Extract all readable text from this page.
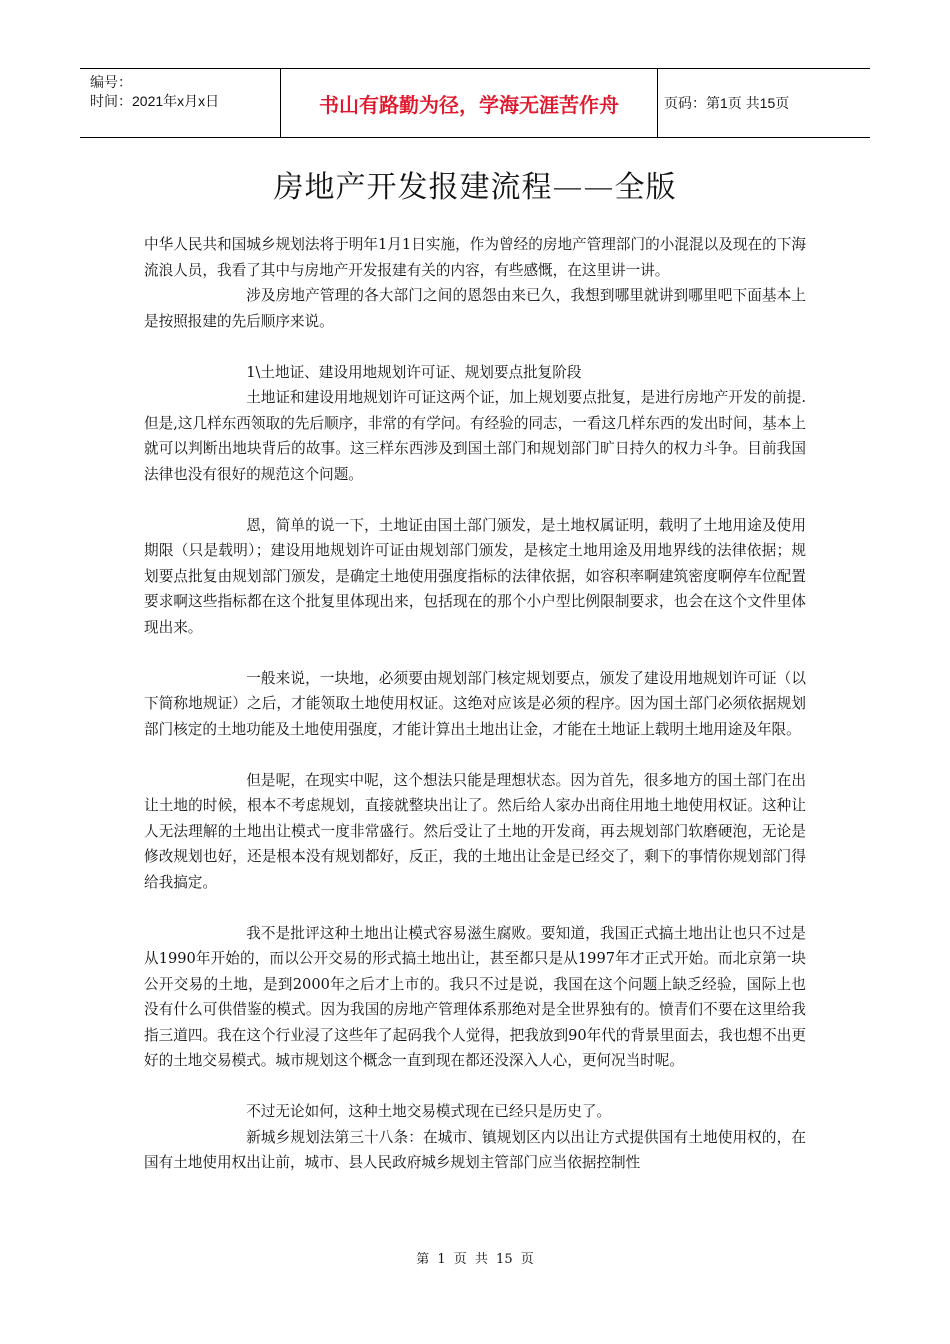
编号：
时间：2021年x月x日	书山有路勤为径，学海无涯苦作舟	页码：第1页 共15页
房地产开发报建流程——全版

中华人民共和国城乡规划法将于明年1月1日实施，作为曾经的房地产管理部门的小混混以及现在的下海流浪人员，我看了其中与房地产开发报建有关的内容，有些感慨，在这里讲一讲。

涉及房地产管理的各大部门之间的恩怨由来已久，我想到哪里就讲到哪里吧下面基本上是按照报建的先后顺序来说。

1\土地证、建设用地规划许可证、规划要点批复阶段

土地证和建设用地规划许可证这两个证，加上规划要点批复，是进行房地产开发的前提.但是,这几样东西领取的先后顺序，非常的有学问。有经验的同志，一看这几样东西的发出时间，基本上就可以判断出地块背后的故事。这三样东西涉及到国土部门和规划部门旷日持久的权力斗争。目前我国法律也没有很好的规范这个问题。

恩，简单的说一下，土地证由国土部门颁发，是土地权属证明，载明了土地用途及使用期限（只是载明）；建设用地规划许可证由规划部门颁发，是核定土地用途及用地界线的法律依据；规划要点批复由规划部门颁发，是确定土地使用强度指标的法律依据，如容积率啊建筑密度啊停车位配置要求啊这些指标都在这个批复里体现出来，包括现在的那个小户型比例限制要求，也会在这个文件里体现出来。

一般来说，一块地，必须要由规划部门核定规划要点，颁发了建设用地规划许可证（以下简称地规证）之后，才能领取土地使用权证。这绝对应该是必须的程序。因为国土部门必须依据规划部门核定的土地功能及土地使用强度，才能计算出土地出让金，才能在土地证上载明土地用途及年限。

但是呢，在现实中呢，这个想法只能是理想状态。因为首先，很多地方的国土部门在出让土地的时候，根本不考虑规划，直接就整块出让了。然后给人家办出商住用地土地使用权证。这种让人无法理解的土地出让模式一度非常盛行。然后受让了土地的开发商，再去规划部门软磨硬泡，无论是修改规划也好，还是根本没有规划都好，反正，我的土地出让金是已经交了，剩下的事情你规划部门得给我搞定。

我不是批评这种土地出让模式容易滋生腐败。要知道，我国正式搞土地出让也只不过是从1990年开始的，而以公开交易的形式搞土地出让，甚至都只是从1997年才正式开始。而北京第一块公开交易的土地，是到2000年之后才上市的。我只不过是说，我国在这个问题上缺乏经验，国际上也没有什么可供借鉴的模式。因为我国的房地产管理体系那绝对是全世界独有的。愤青们不要在这里给我指三道四。我在这个行业浸了这些年了起码我个人觉得，把我放到90年代的背景里面去，我也想不出更好的土地交易模式。城市规划这个概念一直到现在都还没深入人心，更何况当时呢。

不过无论如何，这种土地交易模式现在已经只是历史了。

新城乡规划法第三十八条：在城市、镇规划区内以出让方式提供国有土地使用权的，在国有土地使用权出让前，城市、县人民政府城乡规划主管部门应当依据控制性

第 1 页 共 15 页
